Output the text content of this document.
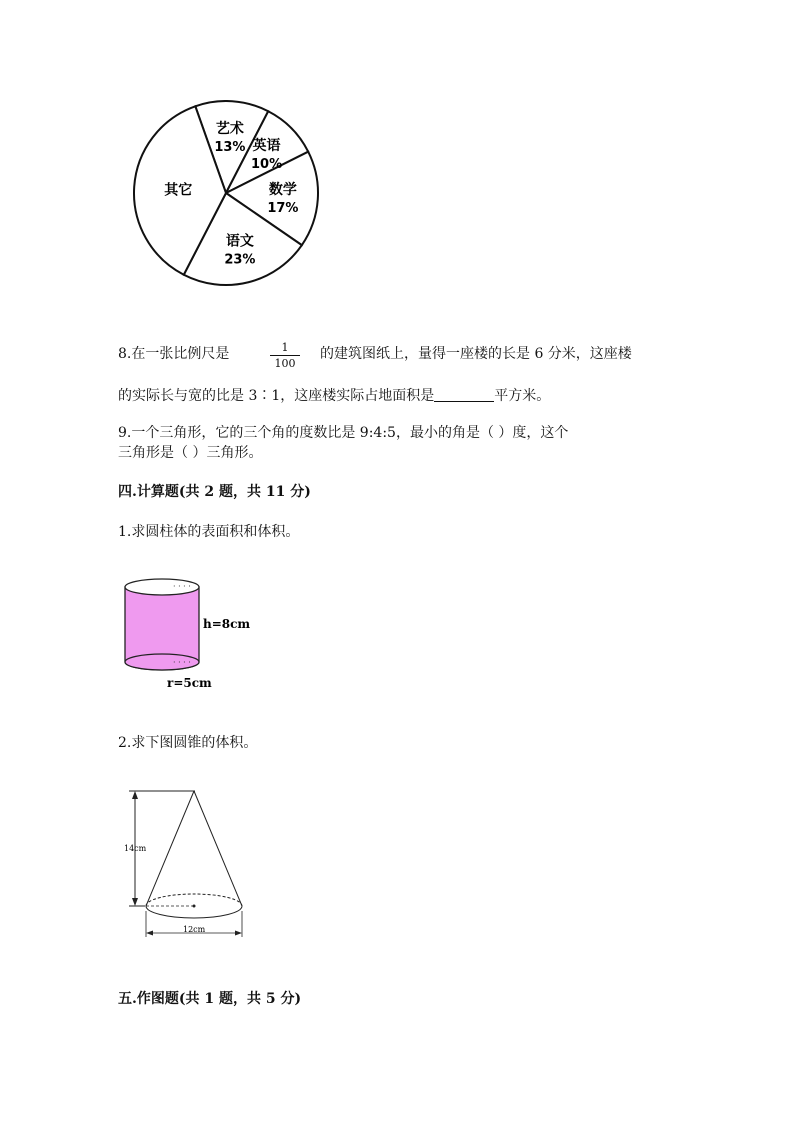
艺术
13% 英语
10%
数学
17%
语文
23%
其它
8.在一张比例尺是	1
100
的建筑图纸上，量得一座楼的长是 6 分米，这座楼
的实际长与宽的比是 3∶1，这座楼实际占地面积是	平方米。
9.一个三角形，它的三个角的度数比是 9:4:5，最小的角是（ ）度，这个
三角形是（ ）三角形。
四.计算题(共 2 题，共 11 分)
1.求圆柱体的表面积和体积。
· · · ·
· · · ·
h=8cm
r=5cm
2.求下图圆锥的体积。
14cm
12cm
五.作图题(共 1 题，共 5 分)
